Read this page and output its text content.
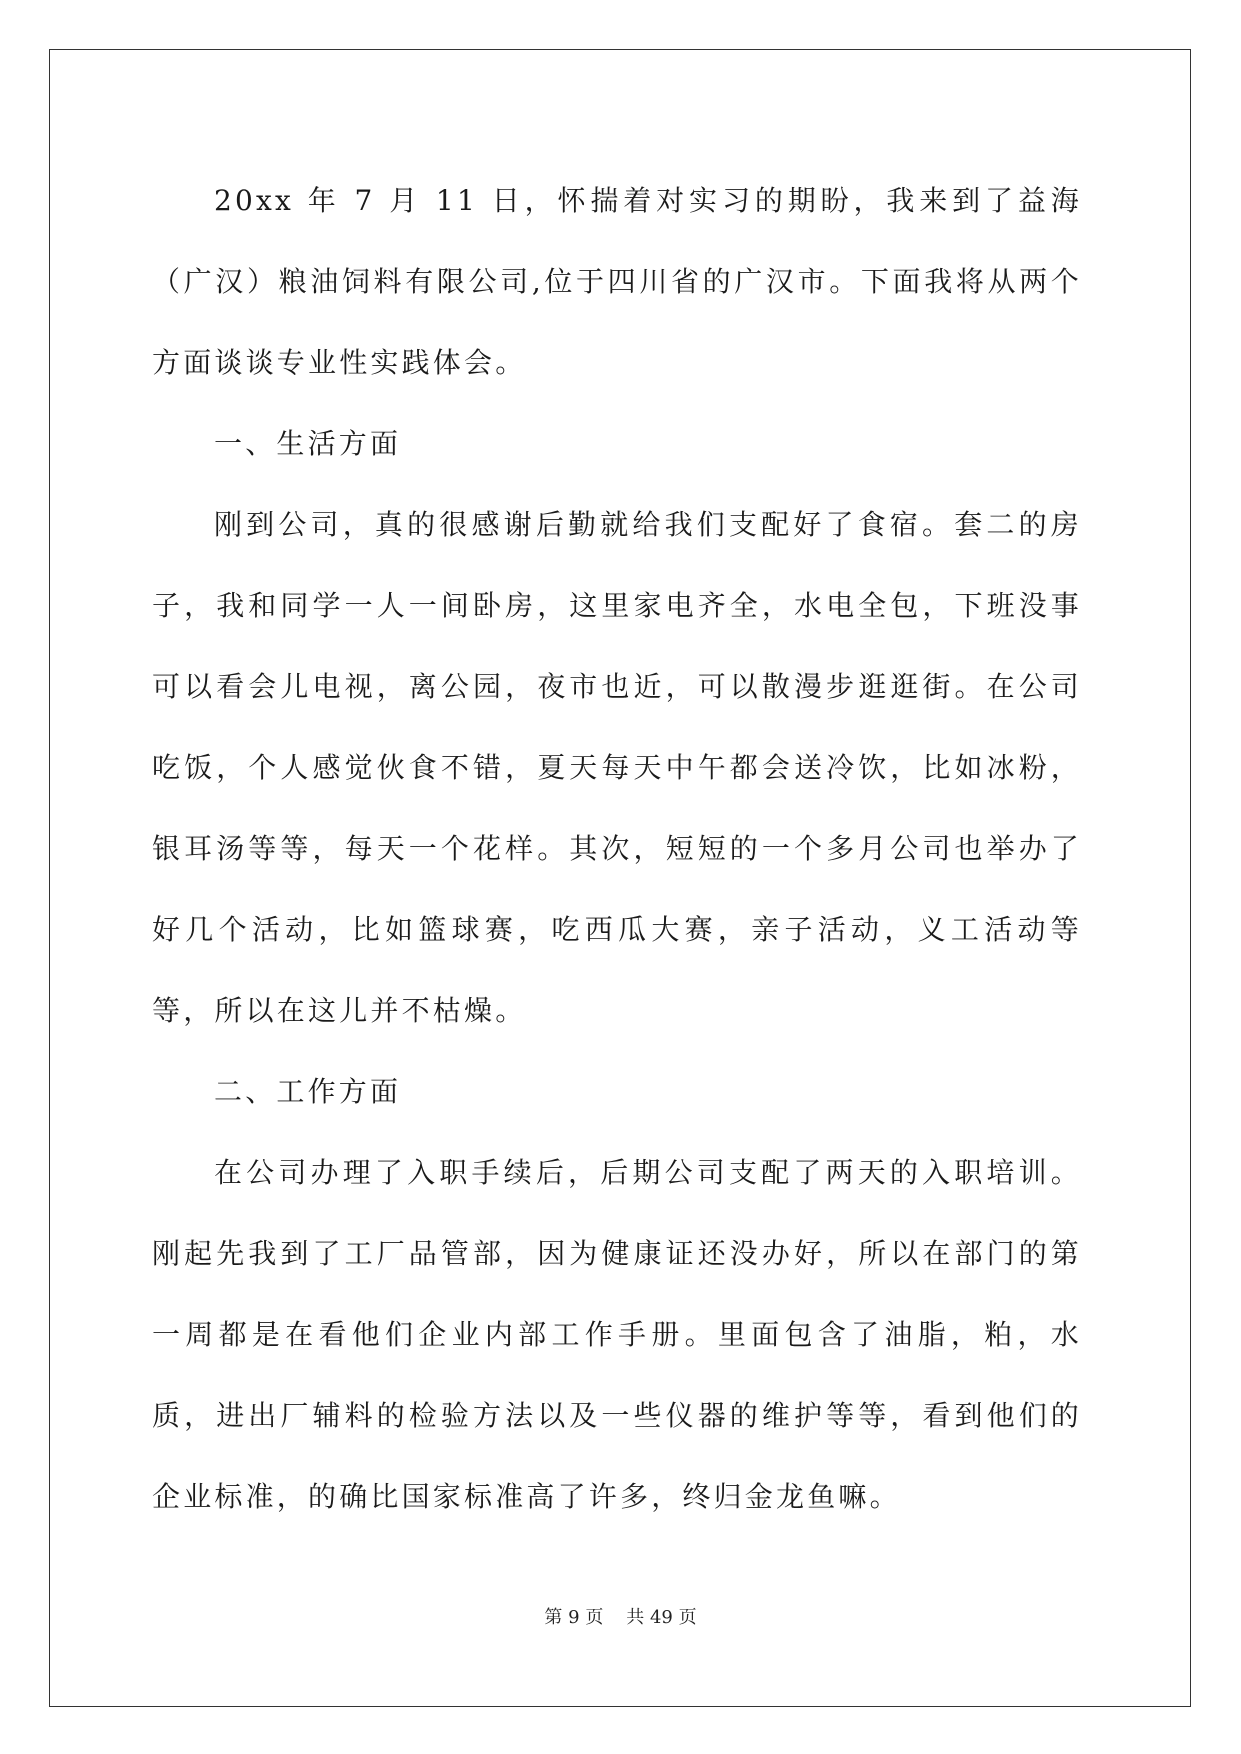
20xx 年 7 月 11 日，怀揣着对实习的期盼，我来到了益海（广汉）粮油饲料有限公司,位于四川省的广汉市。下面我将从两个方面谈谈专业性实践体会。

一、生活方面

刚到公司，真的很感谢后勤就给我们支配好了食宿。套二的房子，我和同学一人一间卧房，这里家电齐全，水电全包，下班没事可以看会儿电视，离公园，夜市也近，可以散漫步逛逛街。在公司吃饭，个人感觉伙食不错，夏天每天中午都会送冷饮，比如冰粉，银耳汤等等，每天一个花样。其次，短短的一个多月公司也举办了好几个活动，比如篮球赛，吃西瓜大赛，亲子活动，义工活动等等，所以在这儿并不枯燥。

二、工作方面

在公司办理了入职手续后，后期公司支配了两天的入职培训。刚起先我到了工厂品管部，因为健康证还没办好，所以在部门的第一周都是在看他们企业内部工作手册。里面包含了油脂，粕，水质，进出厂辅料的检验方法以及一些仪器的维护等等，看到他们的企业标准，的确比国家标准高了许多，终归金龙鱼嘛。

第 9 页 共 49 页
